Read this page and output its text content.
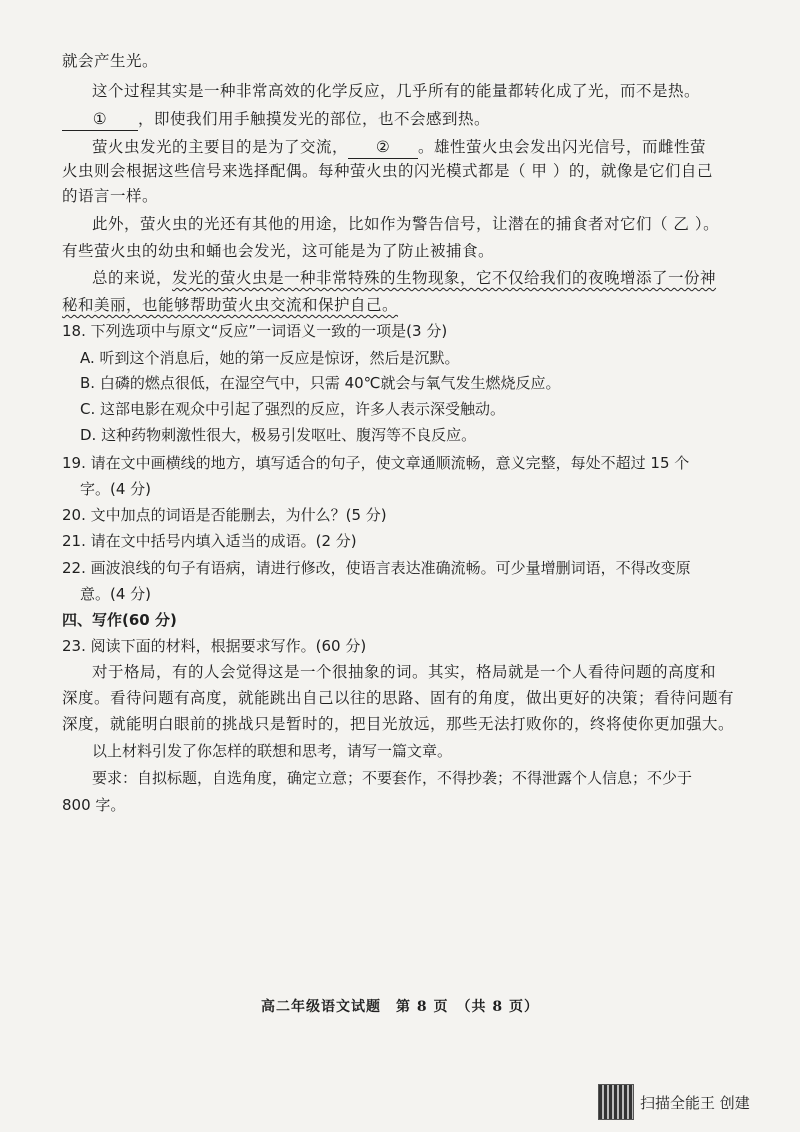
就会产生光。
这个过程其实是一种非常高效的化学反应，几乎所有的能量都转化成了光，而不是热。
① ，即使我们用手触摸发光的部位，也不会感到热。
萤火虫发光的主要目的是为了交流， ② 。雄性萤火虫会发出闪光信号，而雌性萤
火虫则会根据这些信号来选择配偶。每种萤火虫的闪光模式都是（ 甲 ）的，就像是它们自己
的语言一样。
此外，萤火虫的光还有其他的用途，比如作为警告信号，让潜在的捕食者对它们（ 乙 ）。
有些萤火虫的幼虫和蛹也会发光，这可能是为了防止被捕食。
总的来说，发光的萤火虫是一种非常特殊的生物现象，它不仅给我们的夜晚增添了一份神
秘和美丽，也能够帮助萤火虫交流和保护自己。
18. 下列选项中与原文“反应”一词语义一致的一项是(3 分)
A. 听到这个消息后，她的第一反应是惊讶，然后是沉默。
B. 白磷的燃点很低，在湿空气中，只需 40℃就会与氧气发生燃烧反应。
C. 这部电影在观众中引起了强烈的反应，许多人表示深受触动。
D. 这种药物刺激性很大，极易引发呕吐、腹泻等不良反应。
19. 请在文中画横线的地方，填写适合的句子，使文章通顺流畅，意义完整，每处不超过 15 个
字。(4 分)
20. 文中加点的词语是否能删去，为什么？(5 分)
21. 请在文中括号内填入适当的成语。(2 分)
22. 画波浪线的句子有语病，请进行修改，使语言表达准确流畅。可少量增删词语，不得改变原
意。(4 分)
四、写作(60 分)
23. 阅读下面的材料，根据要求写作。(60 分)
对于格局，有的人会觉得这是一个很抽象的词。其实，格局就是一个人看待问题的高度和
深度。看待问题有高度，就能跳出自己以往的思路、固有的角度，做出更好的决策；看待问题有
深度，就能明白眼前的挑战只是暂时的，把目光放远，那些无法打败你的，终将使你更加强大。
以上材料引发了你怎样的联想和思考，请写一篇文章。
要求：自拟标题，自选角度，确定立意；不要套作，不得抄袭；不得泄露个人信息；不少于
800 字。
高二年级语文试题　第 8 页　（共 8 页）
扫描全能王 创建
